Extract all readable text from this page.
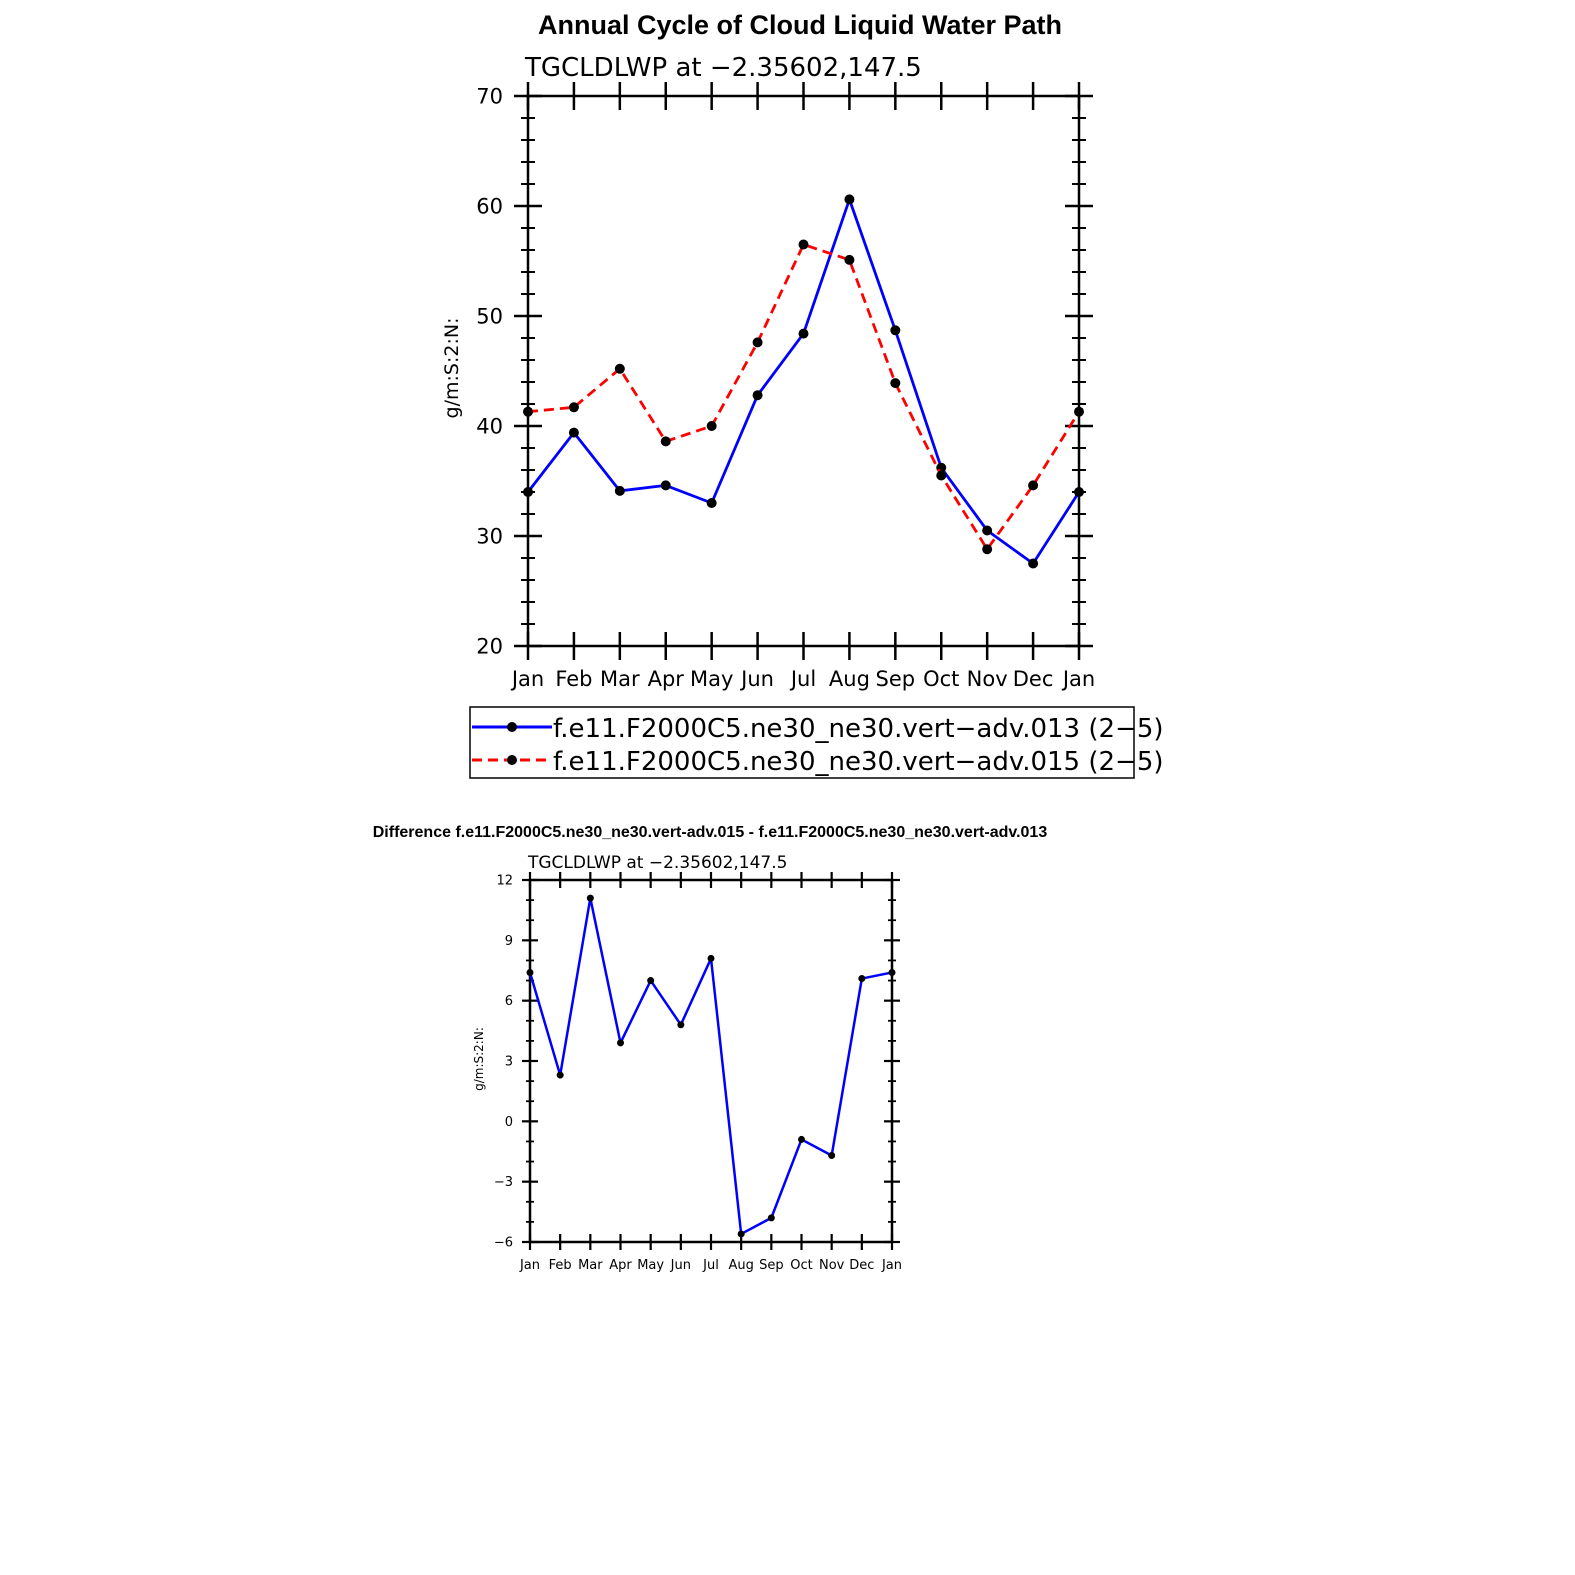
Annual Cycle of Cloud Liquid Water Path
TGCLDLWP at −2.35602,147.5
g/m:S:2:N:
Jan Feb Mar Apr May Jun Jul Aug Sep Oct Nov Dec Jan
20
30
40
50
60
70
f.e11.F2000C5.ne30_ne30.vert−adv.013 (2−5)
f.e11.F2000C5.ne30_ne30.vert−adv.015 (2−5)
Difference f.e11.F2000C5.ne30_ne30.vert-adv.015 - f.e11.F2000C5.ne30_ne30.vert-adv.013
TGCLDLWP at −2.35602,147.5
g/m:S:2:N:
Jan Feb Mar Apr May Jun Jul Aug Sep Oct Nov Dec Jan
−6
−3
0
3
6
9
12
